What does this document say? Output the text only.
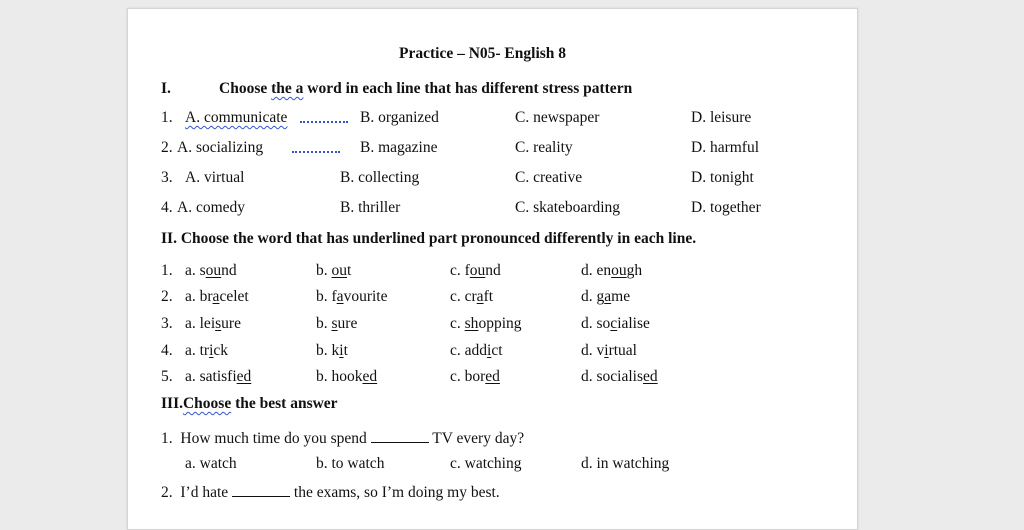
Practice – N05- English 8
I.	Choose the a word in each line that has different stress pattern
1. A. communicate	B. organized	C. newspaper	D. leisure
2. A. socializing	B. magazine	C. reality	D. harmful
3. A. virtual	B. collecting	C. creative	D. tonight
4. A. comedy	B. thriller	C. skateboarding	D. together
II. Choose the word that has underlined part pronounced differently in each line.
1. a. sound	b. out	c. found	d. enough
2. a. bracelet	b. favourite	c. craft	d. game
3. a. leisure	b. sure	c. shopping	d. socialise
4. a. trick	b. kit	c. addict	d. virtual
5. a. satisfied	b. hooked	c. bored	d. socialised
III.Choose the best answer
1. How much time do you spend	TV every day?
a. watch	b. to watch	c. watching	d. in watching
2. I’d hate	the exams, so I’m doing my best.
